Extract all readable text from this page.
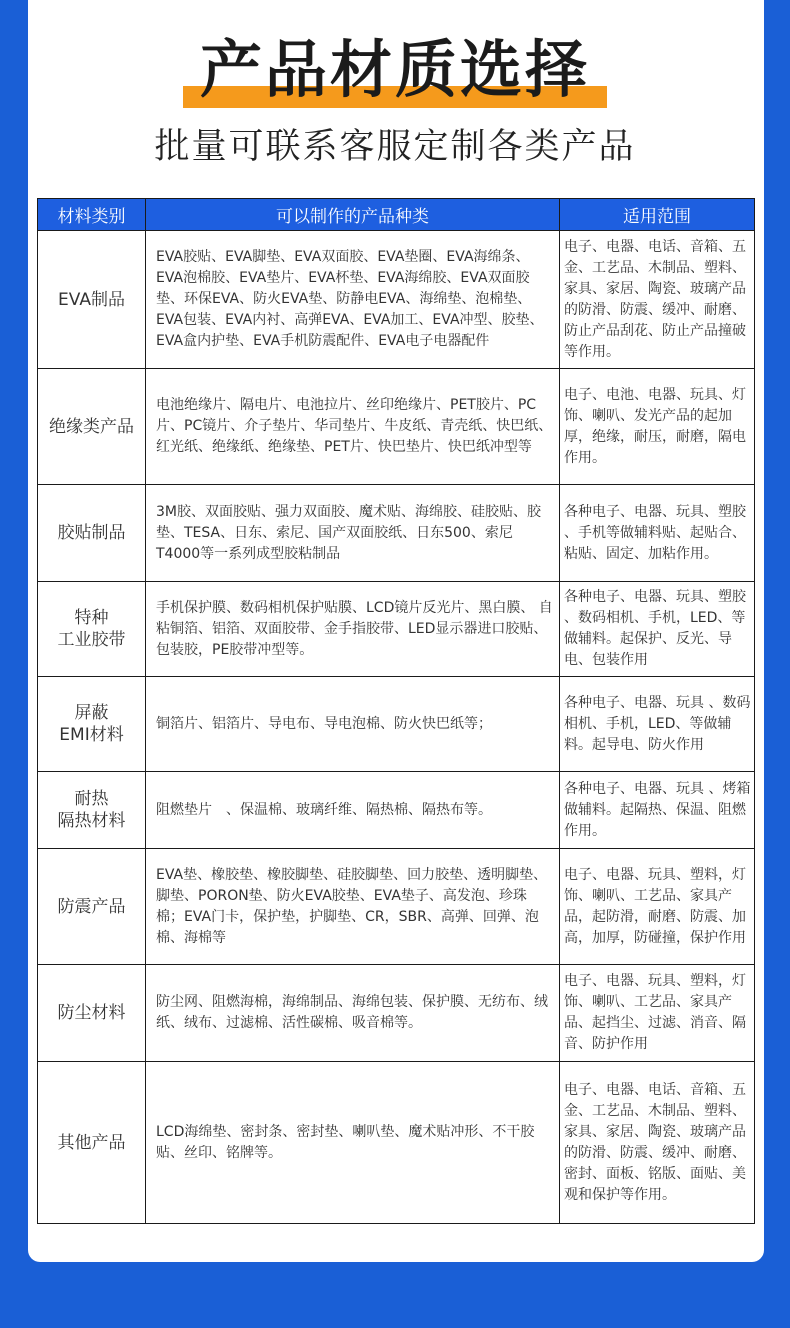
产品材质选择
批量可联系客服定制各类产品
材料类别	可以制作的产品种类	适用范围
EVA制品	EVA胶贴、EVA脚垫、EVA双面胶、EVA垫圈、EVA海绵条、EVA泡棉胶、EVA垫片、EVA杯垫、EVA海绵胶、EVA双面胶垫、环保EVA、防火EVA垫、防静电EVA、海绵垫、泡棉垫、EVA包装、EVA内衬、高弹EVA、EVA加工、EVA冲型、胶垫、EVA盒内护垫、EVA手机防震配件、EVA电子电器配件	电子、电器、电话、音箱、五金、工艺品、木制品、塑料、家具、家居、陶瓷、玻璃产品的防滑、防震、缓冲、耐磨、防止产品刮花、防止产品撞破等作用。
绝缘类产品	电池绝缘片、隔电片、电池拉片、丝印绝缘片、PET胶片、PC片、PC镜片、介子垫片、华司垫片、牛皮纸、青壳纸、快巴纸、红光纸、绝缘纸、绝缘垫、PET片、快巴垫片、快巴纸冲型等	电子、电池、电器、玩具、灯饰、喇叭、发光产品的起加厚，绝缘，耐压，耐磨，隔电作用。
胶贴制品	3M胶、双面胶贴、强力双面胶、魔术贴、海绵胶、硅胶贴、胶垫、TESA、日东、索尼、国产双面胶纸、日东500、索尼T4000等一系列成型胶粘制品	各种电子、电器、玩具、塑胶 、手机等做辅料贴、起贴合、粘贴、固定、加粘作用。
特种
工业胶带	手机保护膜、数码相机保护贴膜、LCD镜片反光片、黑白膜、 自粘铜箔、铝箔、双面胶带、金手指胶带、LED显示器进口胶贴、包装胶，PE胶带冲型等。	各种电子、电器、玩具、塑胶 、数码相机、手机，LED、等做辅料。起保护、反光、导电、包装作用
屏蔽
EMI材料	铜箔片、铝箔片、导电布、导电泡棉、防火快巴纸等；	各种电子、电器、玩具 、数码相机、手机，LED、等做辅料。起导电、防火作用
耐热
隔热材料	阻燃垫片　、保温棉、玻璃纤维、隔热棉、隔热布等。	各种电子、电器、玩具 、烤箱做辅料。起隔热、保温、阻燃作用。
防震产品	EVA垫、橡胶垫、橡胶脚垫、硅胶脚垫、回力胶垫、透明脚垫、脚垫、PORON垫、防火EVA胶垫、EVA垫子、高发泡、珍珠棉；EVA门卡，保护垫，护脚垫、CR，SBR、高弹、回弹、泡棉、海棉等	电子、电器、玩具、塑料，灯饰、喇叭、工艺品、家具产品，起防滑，耐磨、防震、加高，加厚，防碰撞，保护作用
防尘材料	防尘网、阻燃海棉，海绵制品、海绵包装、保护膜、无纺布、绒纸、绒布、过滤棉、活性碳棉、吸音棉等。	电子、电器、玩具、塑料，灯饰、喇叭、工艺品、家具产品、起挡尘、过滤、消音、隔音、防护作用
其他产品	LCD海绵垫、密封条、密封垫、喇叭垫、魔术贴冲形、不干胶贴、丝印、铭牌等。	电子、电器、电话、音箱、五金、工艺品、木制品、塑料、家具、家居、陶瓷、玻璃产品的防滑、防震、缓冲、耐磨、密封、面板、铭版、面贴、美观和保护等作用。
